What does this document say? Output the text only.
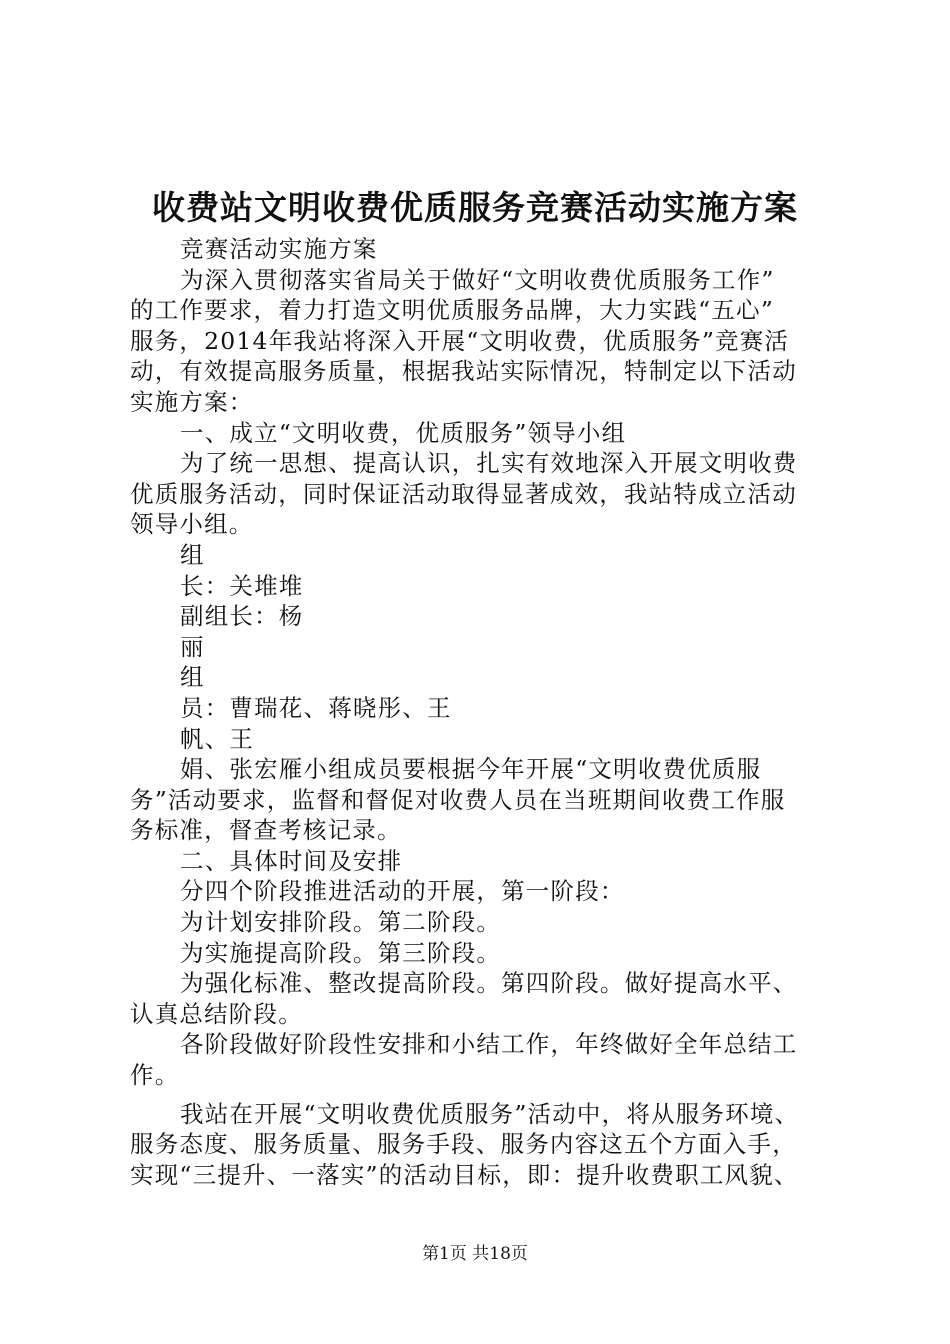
收费站文明收费优质服务竞赛活动实施方案
竞赛活动实施方案
为深入贯彻落实省局关于做好“文明收费优质服务工作”
的工作要求，着力打造文明优质服务品牌，大力实践“五心”
服务，2014年我站将深入开展“文明收费，优质服务”竞赛活
动，有效提高服务质量，根据我站实际情况，特制定以下活动
实施方案：
一、成立“文明收费，优质服务”领导小组
为了统一思想、提高认识，扎实有效地深入开展文明收费
优质服务活动，同时保证活动取得显著成效，我站特成立活动
领导小组。
组
长：关堆堆
副组长：杨
丽
组
员：曹瑞花、蒋晓彤、王
帆、王
娟、张宏雁小组成员要根据今年开展“文明收费优质服
务”活动要求，监督和督促对收费人员在当班期间收费工作服
务标准，督查考核记录。
二、具体时间及安排
分四个阶段推进活动的开展，第一阶段：
为计划安排阶段。第二阶段。
为实施提高阶段。第三阶段。
为强化标准、整改提高阶段。第四阶段。做好提高水平、
认真总结阶段。
各阶段做好阶段性安排和小结工作，年终做好全年总结工
作。
我站在开展“文明收费优质服务”活动中，将从服务环境、
服务态度、服务质量、服务手段、服务内容这五个方面入手，
实现“三提升、一落实”的活动目标，即：提升收费职工风貌、
第1页 共18页
